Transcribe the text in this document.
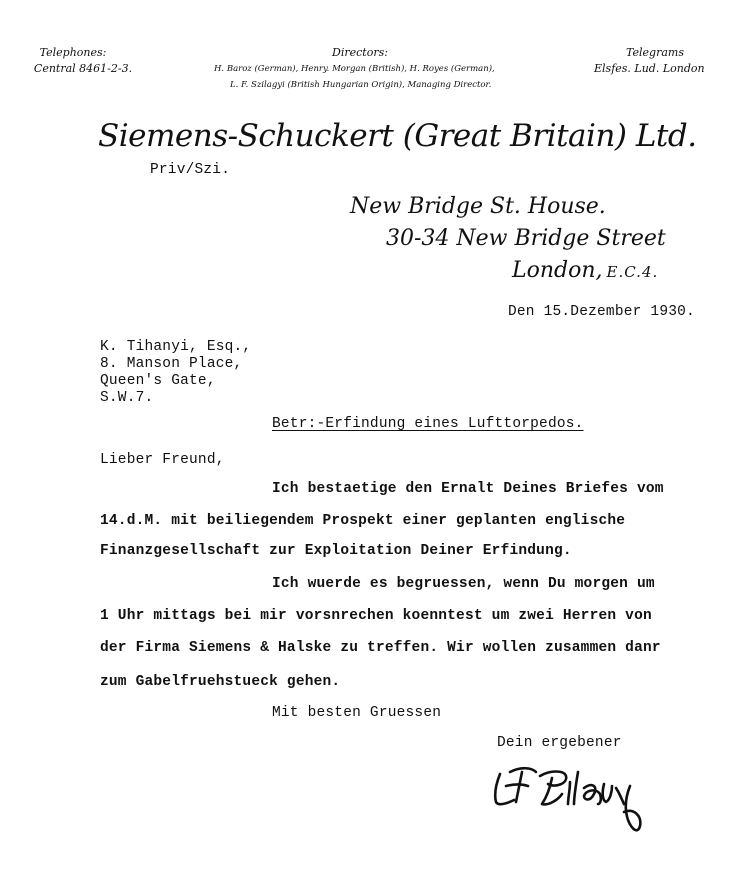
Telephones:
Central 8461-2-3.
Directors:
H. Baroz (German), Henry. Morgan (British), H. Royes (German),
L. F. Szilagyi (British Hungarian Origin), Managing Director.
Telegrams
Elsfes. Lud. London
Siemens-Schuckert (Great Britain) Ltd.
Priv/Szi.
New Bridge St. House.
30-34 New Bridge Street
London, E.C.4.
Den 15.Dezember 1930.
K. Tihanyi, Esq.,
8. Manson Place,
Queen's Gate,
S.W.7.
Betr:-Erfindung eines Lufttorpedos.
Lieber Freund,
Ich bestaetige den Ernalt Deines Briefes vom
14.d.M. mit beiliegendem Prospekt einer geplanten englische
Finanzgesellschaft zur Exploitation Deiner Erfindung.
Ich wuerde es begruessen, wenn Du morgen um
1 Uhr mittags bei mir vorsnrechen koenntest um zwei Herren von
der Firma Siemens & Halske zu treffen. Wir wollen zusammen danr
zum Gabelfruehstueck gehen.
Mit besten Gruessen
Dein ergebener
